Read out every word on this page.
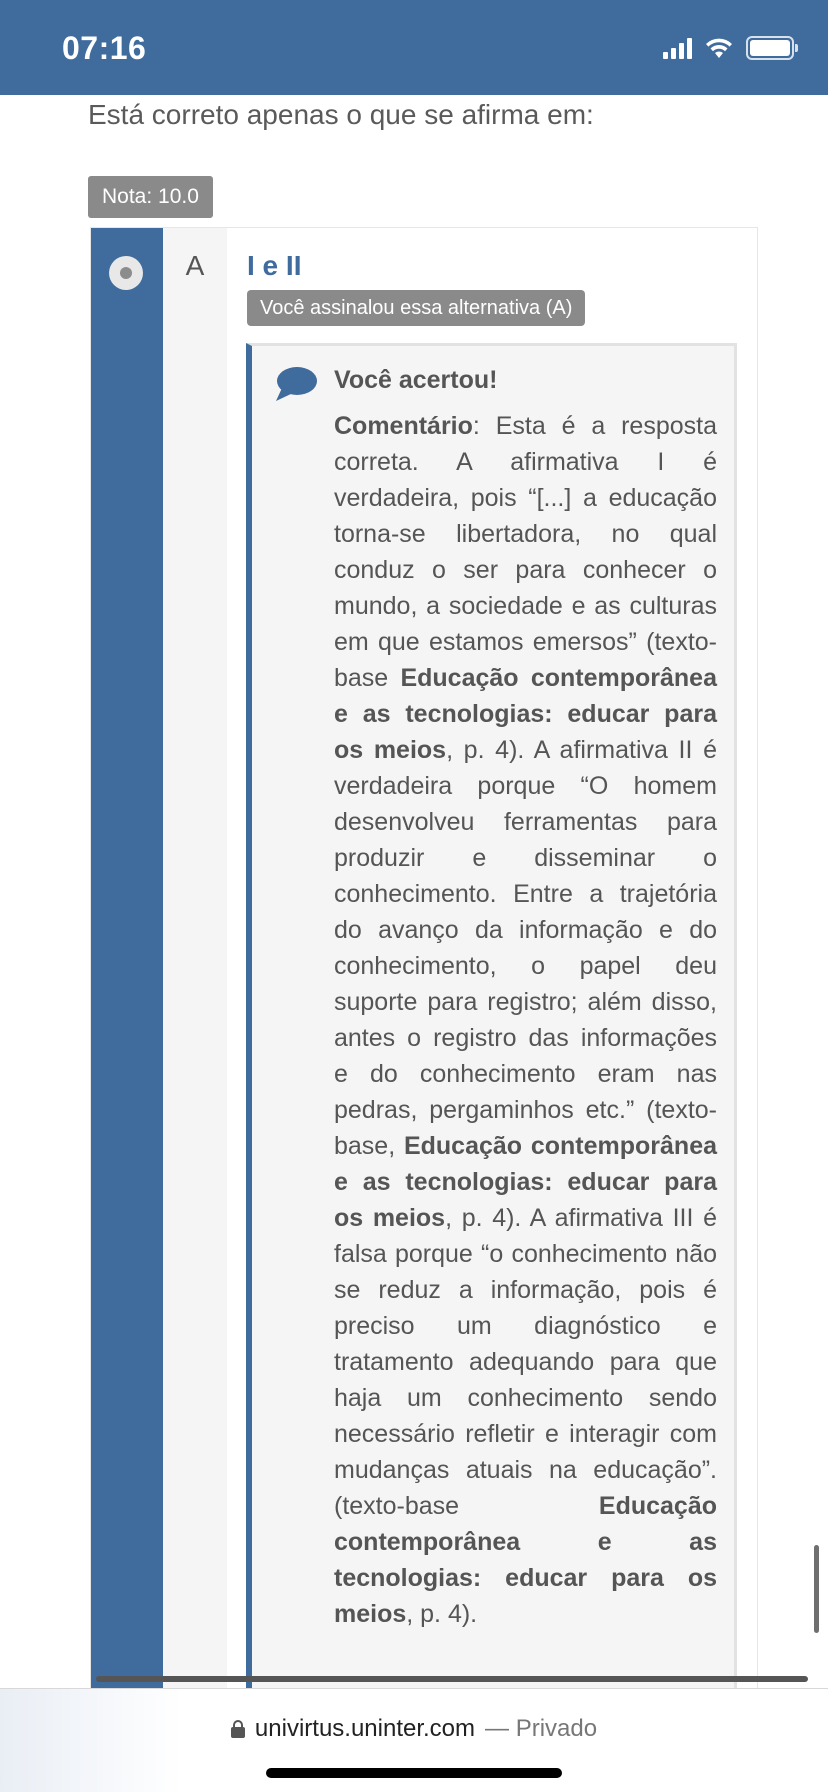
07:16
Está correto apenas o que se afirma em:
Nota: 10.0
A	I e II
Você assinalou essa alternativa (A)
Você acertou!
Comentário: Esta é a resposta correta. A afirmativa I é verdadeira, pois “[...] a educação torna-se libertadora, no qual conduz o ser para conhecer o mundo, a sociedade e as culturas em que estamos emersos” (texto-base Educação contemporânea e as tecnologias: educar para os meios, p. 4). A afirmativa II é verdadeira porque “O homem desenvolveu ferramentas para produzir e disseminar o conhecimento. Entre a trajetória do avanço da informação e do conhecimento, o papel deu suporte para registro; além disso, antes o registro das informações e do conhecimento eram nas pedras, pergaminhos etc.” (texto-base, Educação contemporânea e as tecnologias: educar para os meios, p. 4). A afirmativa III é falsa porque “o conhecimento não se reduz a informação, pois é preciso um diagnóstico e tratamento adequando para que haja um conhecimento sendo necessário refletir e interagir com mudanças atuais na educação”. (texto-base Educação contemporânea e as tecnologias: educar para os meios, p. 4).
univirtus.uninter.com — Privado
